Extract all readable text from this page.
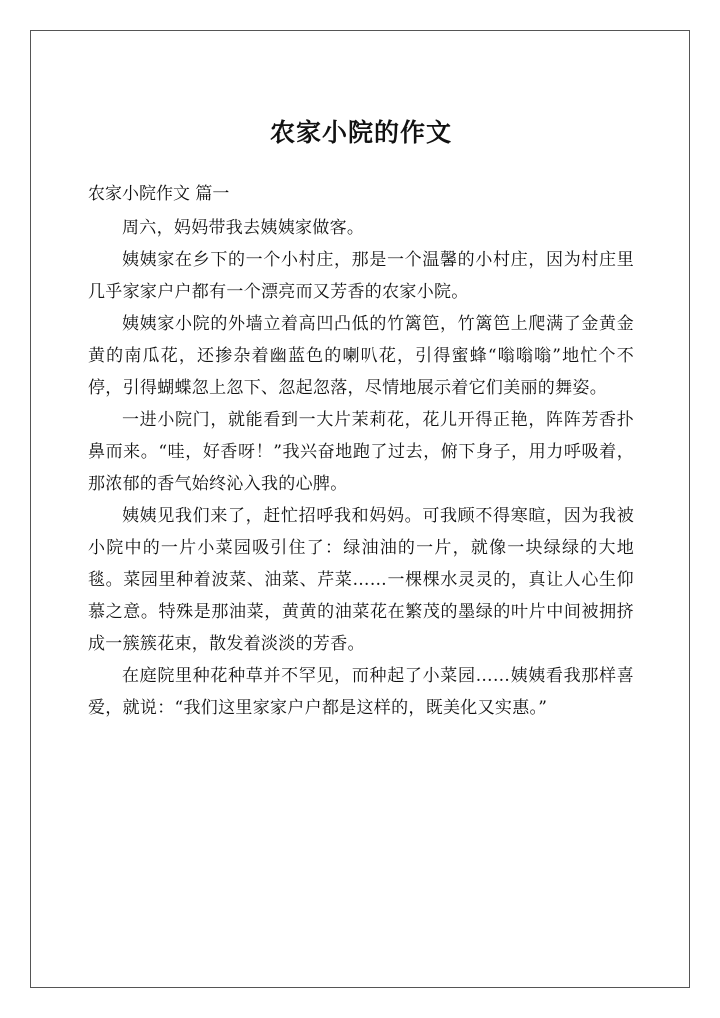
农家小院的作文

农家小院作文 篇一

周六，妈妈带我去姨姨家做客。

姨姨家在乡下的一个小村庄，那是一个温馨的小村庄，因为村庄里几乎家家户户都有一个漂亮而又芳香的农家小院。

姨姨家小院的外墙立着高凹凸低的竹篱笆，竹篱笆上爬满了金黄金黄的南瓜花，还掺杂着幽蓝色的喇叭花，引得蜜蜂“嗡嗡嗡”地忙个不停，引得蝴蝶忽上忽下、忽起忽落，尽情地展示着它们美丽的舞姿。

一进小院门，就能看到一大片茉莉花，花儿开得正艳，阵阵芳香扑鼻而来。“哇，好香呀！”我兴奋地跑了过去，俯下身子，用力呼吸着，那浓郁的香气始终沁入我的心脾。

姨姨见我们来了，赶忙招呼我和妈妈。可我顾不得寒暄，因为我被小院中的一片小菜园吸引住了：绿油油的一片，就像一块绿绿的大地毯。菜园里种着波菜、油菜、芹菜……一棵棵水灵灵的，真让人心生仰慕之意。特殊是那油菜，黄黄的油菜花在繁茂的墨绿的叶片中间被拥挤成一簇簇花束，散发着淡淡的芳香。

在庭院里种花种草并不罕见，而种起了小菜园……姨姨看我那样喜爱，就说：“我们这里家家户户都是这样的，既美化又实惠。”
